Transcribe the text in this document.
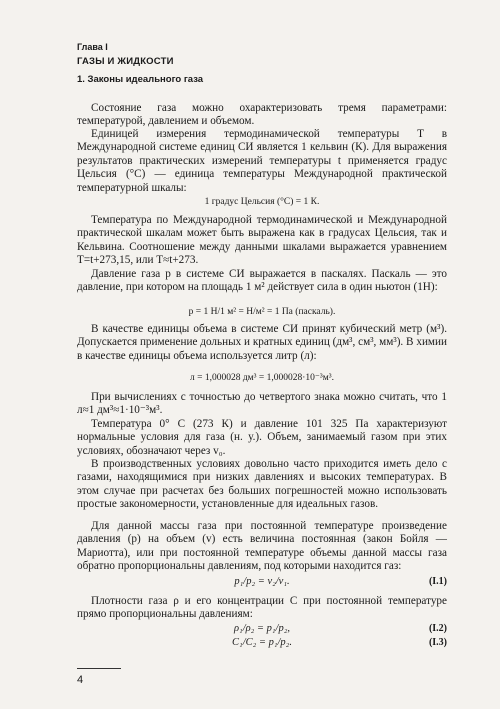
Глава I
ГАЗЫ И ЖИДКОСТИ
1. Законы идеального газа

Состояние газа можно охарактеризовать тремя параметрами: температурой, давлением и объемом.

Единицей измерения термодинамической температуры T в Международной системе единиц СИ является 1 кельвин (К). Для выражения результатов практических измерений температуры t применяется градус Цельсия (°С) — единица температуры Международной практической температурной шкалы:

1 градус Цельсия (°С) = 1 К.

Температура по Международной термодинамической и Международной практической шкалам может быть выражена как в градусах Цельсия, так и Кельвина. Соотношение между данными шкалами выражается уравнением T=t+273,15, или T≈t+273.

Давление газа p в системе СИ выражается в паскалях. Паскаль — это давление, при котором на площадь 1 м² действует сила в один ньютон (1Н):

p = 1 Н/1 м² = Н/м² = 1 Па (паскаль).

В качестве единицы объема в системе СИ принят кубический метр (м³). Допускается применение дольных и кратных единиц (дм³, см³, мм³). В химии в качестве единицы объема используется литр (л):

л = 1,000028 дм³ = 1,000028·10⁻³м³.

При вычислениях с точностью до четвертого знака можно считать, что 1 л≈1 дм³≈1·10⁻³м³.

Температура 0° С (273 К) и давление 101 325 Па характеризуют нормальные условия для газа (н. у.). Объем, занимаемый газом при этих условиях, обозначают через v₀.

В производственных условиях довольно часто приходится иметь дело с газами, находящимися при низких давлениях и высоких температурах. В этом случае при расчетах без больших погрешностей можно использовать простые закономерности, установленные для идеальных газов.

Для данной массы газа при постоянной температуре произведение давления (p) на объем (v) есть величина постоянная (закон Бойля — Мариотта), или при постоянной температуре объемы данной массы газа обратно пропорциональны давлениям, под которыми находится газ:

p₁/p₂ = v₂/v₁.	(I.1)

Плотности газа ρ и его концентрации C при постоянной температуре прямо пропорциональны давлениям:

ρ₁/ρ₂ = p₁/p₂,	(I.2)
C₁/C₂ = p₁/p₂.	(I.3)
4
